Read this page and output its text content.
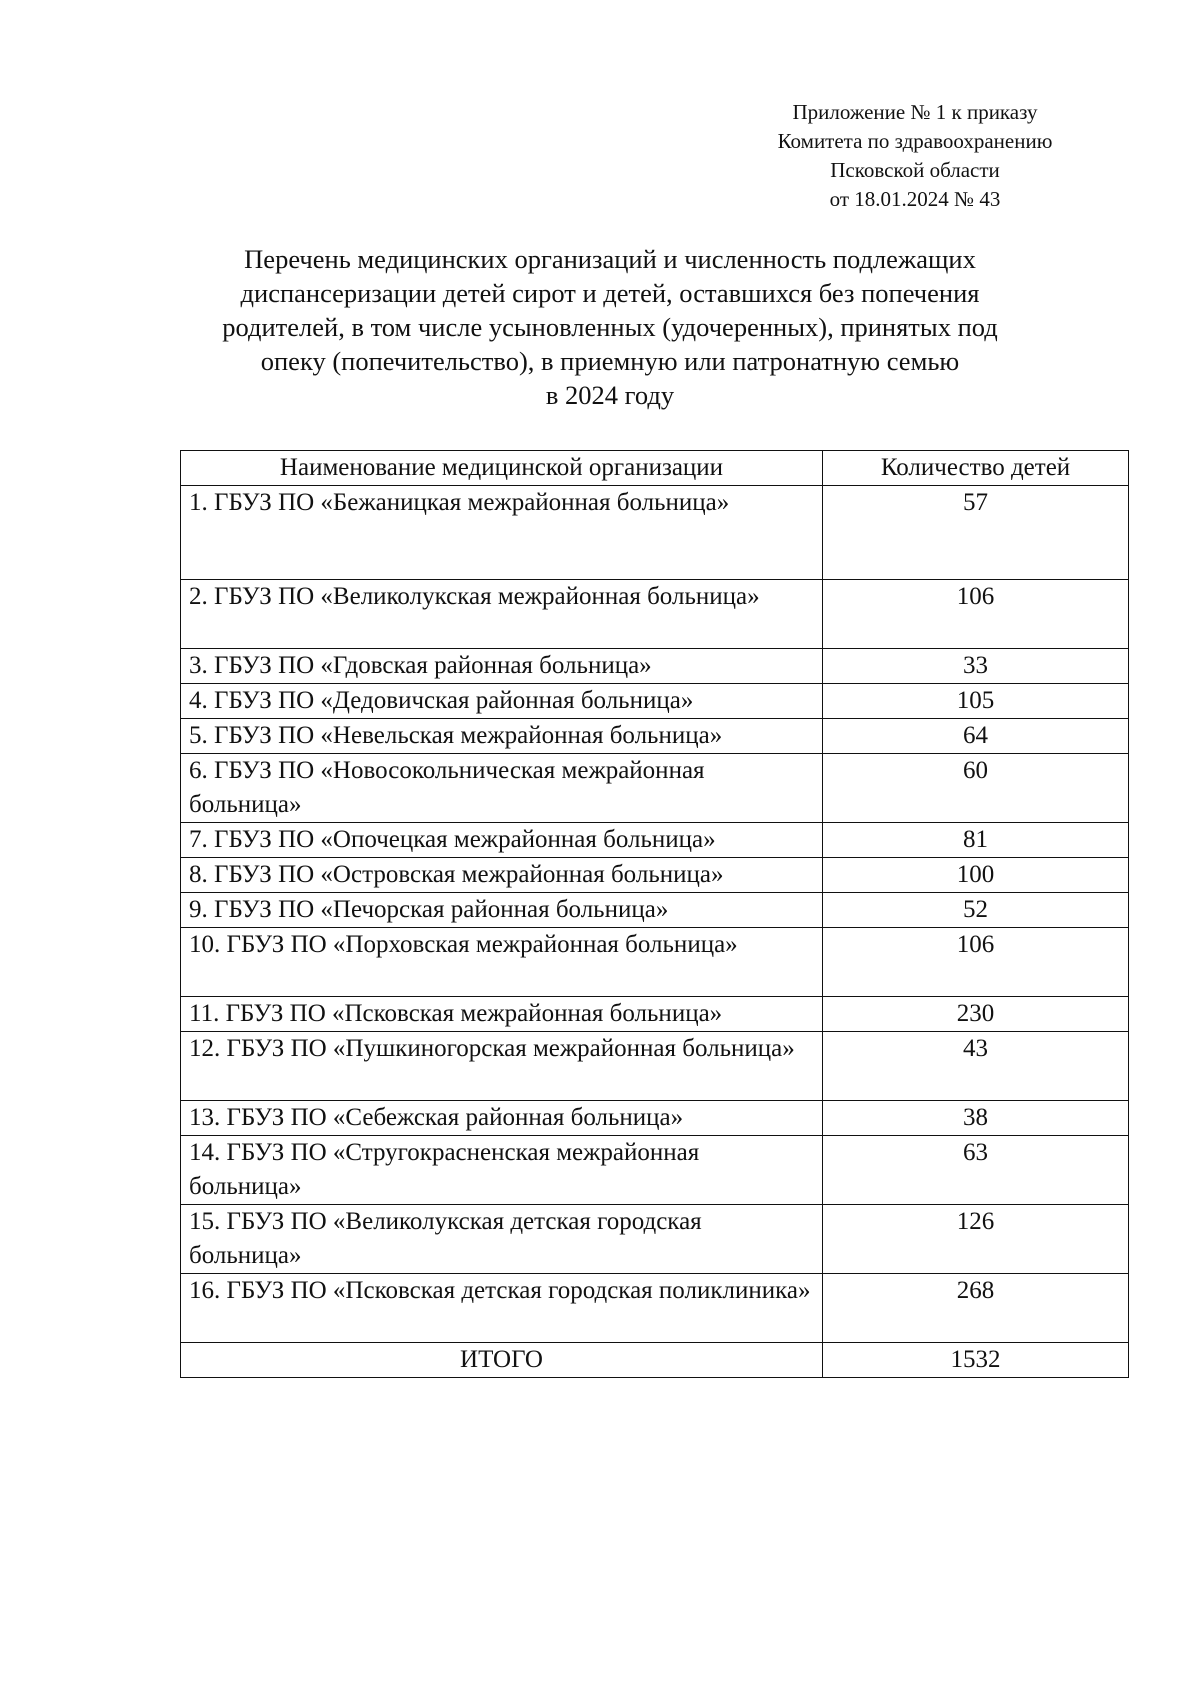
Приложение № 1 к приказу
Комитета по здравоохранению
Псковской области
от 18.01.2024 № 43
Перечень медицинских организаций и численность подлежащих
диспансеризации детей сирот и детей, оставшихся без попечения
родителей, в том числе усыновленных (удочеренных), принятых под
опеку (попечительство), в приемную или патронатную семью
в 2024 году
Наименование медицинской организации	Количество детей
1. ГБУЗ ПО «Бежаницкая межрайонная больница»	57
2. ГБУЗ ПО «Великолукская межрайонная больница»	106
3. ГБУЗ ПО «Гдовская районная больница»	33
4. ГБУЗ ПО «Дедовичская районная больница»	105
5. ГБУЗ ПО «Невельская межрайонная больница»	64
6. ГБУЗ ПО «Новосокольническая межрайонная больница»	60
7. ГБУЗ ПО «Опочецкая межрайонная больница»	81
8. ГБУЗ ПО «Островская межрайонная больница»	100
9. ГБУЗ ПО «Печорская районная больница»	52
10. ГБУЗ ПО «Порховская межрайонная больница»	106
11. ГБУЗ ПО «Псковская межрайонная больница»	230
12. ГБУЗ ПО «Пушкиногорская межрайонная больница»	43
13. ГБУЗ ПО «Себежская районная больница»	38
14. ГБУЗ ПО «Стругокрасненская межрайонная больница»	63
15. ГБУЗ ПО «Великолукская детская городская больница»	126
16. ГБУЗ ПО «Псковская детская городская поликлиника»	268
ИТОГО	1532
